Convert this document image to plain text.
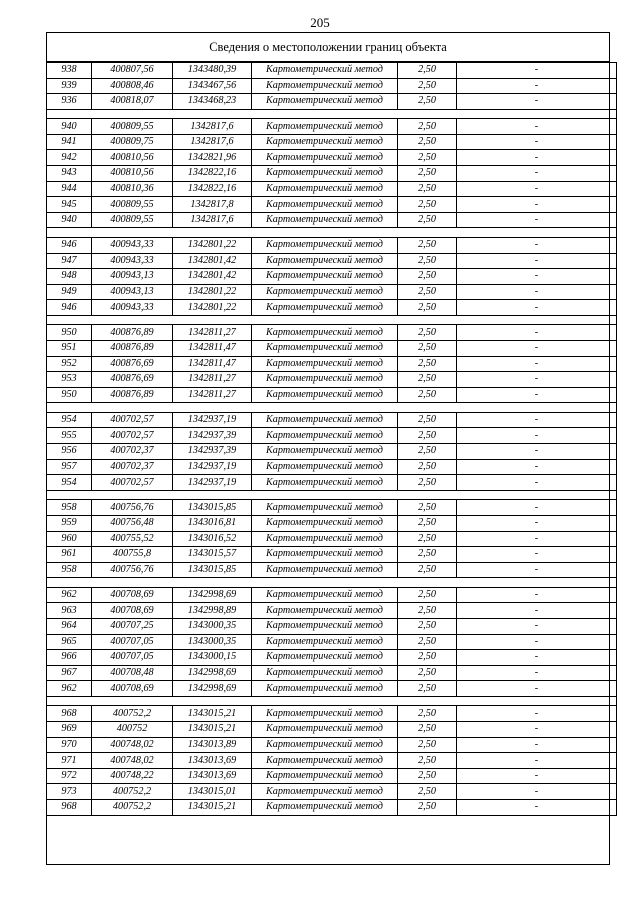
205
Сведения о местоположении границ объекта
938	400807,56	1343480,39	Картометрический метод	2,50	-
939	400808,46	1343467,56	Картометрический метод	2,50	-
936	400818,07	1343468,23	Картометрический метод	2,50	-

940	400809,55	1342817,6	Картометрический метод	2,50	-
941	400809,75	1342817,6	Картометрический метод	2,50	-
942	400810,56	1342821,96	Картометрический метод	2,50	-
943	400810,56	1342822,16	Картометрический метод	2,50	-
944	400810,36	1342822,16	Картометрический метод	2,50	-
945	400809,55	1342817,8	Картометрический метод	2,50	-
940	400809,55	1342817,6	Картометрический метод	2,50	-

946	400943,33	1342801,22	Картометрический метод	2,50	-
947	400943,33	1342801,42	Картометрический метод	2,50	-
948	400943,13	1342801,42	Картометрический метод	2,50	-
949	400943,13	1342801,22	Картометрический метод	2,50	-
946	400943,33	1342801,22	Картометрический метод	2,50	-

950	400876,89	1342811,27	Картометрический метод	2,50	-
951	400876,89	1342811,47	Картометрический метод	2,50	-
952	400876,69	1342811,47	Картометрический метод	2,50	-
953	400876,69	1342811,27	Картометрический метод	2,50	-
950	400876,89	1342811,27	Картометрический метод	2,50	-

954	400702,57	1342937,19	Картометрический метод	2,50	-
955	400702,57	1342937,39	Картометрический метод	2,50	-
956	400702,37	1342937,39	Картометрический метод	2,50	-
957	400702,37	1342937,19	Картометрический метод	2,50	-
954	400702,57	1342937,19	Картометрический метод	2,50	-

958	400756,76	1343015,85	Картометрический метод	2,50	-
959	400756,48	1343016,81	Картометрический метод	2,50	-
960	400755,52	1343016,52	Картометрический метод	2,50	-
961	400755,8	1343015,57	Картометрический метод	2,50	-
958	400756,76	1343015,85	Картометрический метод	2,50	-

962	400708,69	1342998,69	Картометрический метод	2,50	-
963	400708,69	1342998,89	Картометрический метод	2,50	-
964	400707,25	1343000,35	Картометрический метод	2,50	-
965	400707,05	1343000,35	Картометрический метод	2,50	-
966	400707,05	1343000,15	Картометрический метод	2,50	-
967	400708,48	1342998,69	Картометрический метод	2,50	-
962	400708,69	1342998,69	Картометрический метод	2,50	-

968	400752,2	1343015,21	Картометрический метод	2,50	-
969	400752	1343015,21	Картометрический метод	2,50	-
970	400748,02	1343013,89	Картометрический метод	2,50	-
971	400748,02	1343013,69	Картометрический метод	2,50	-
972	400748,22	1343013,69	Картометрический метод	2,50	-
973	400752,2	1343015,01	Картометрический метод	2,50	-
968	400752,2	1343015,21	Картометрический метод	2,50	-
